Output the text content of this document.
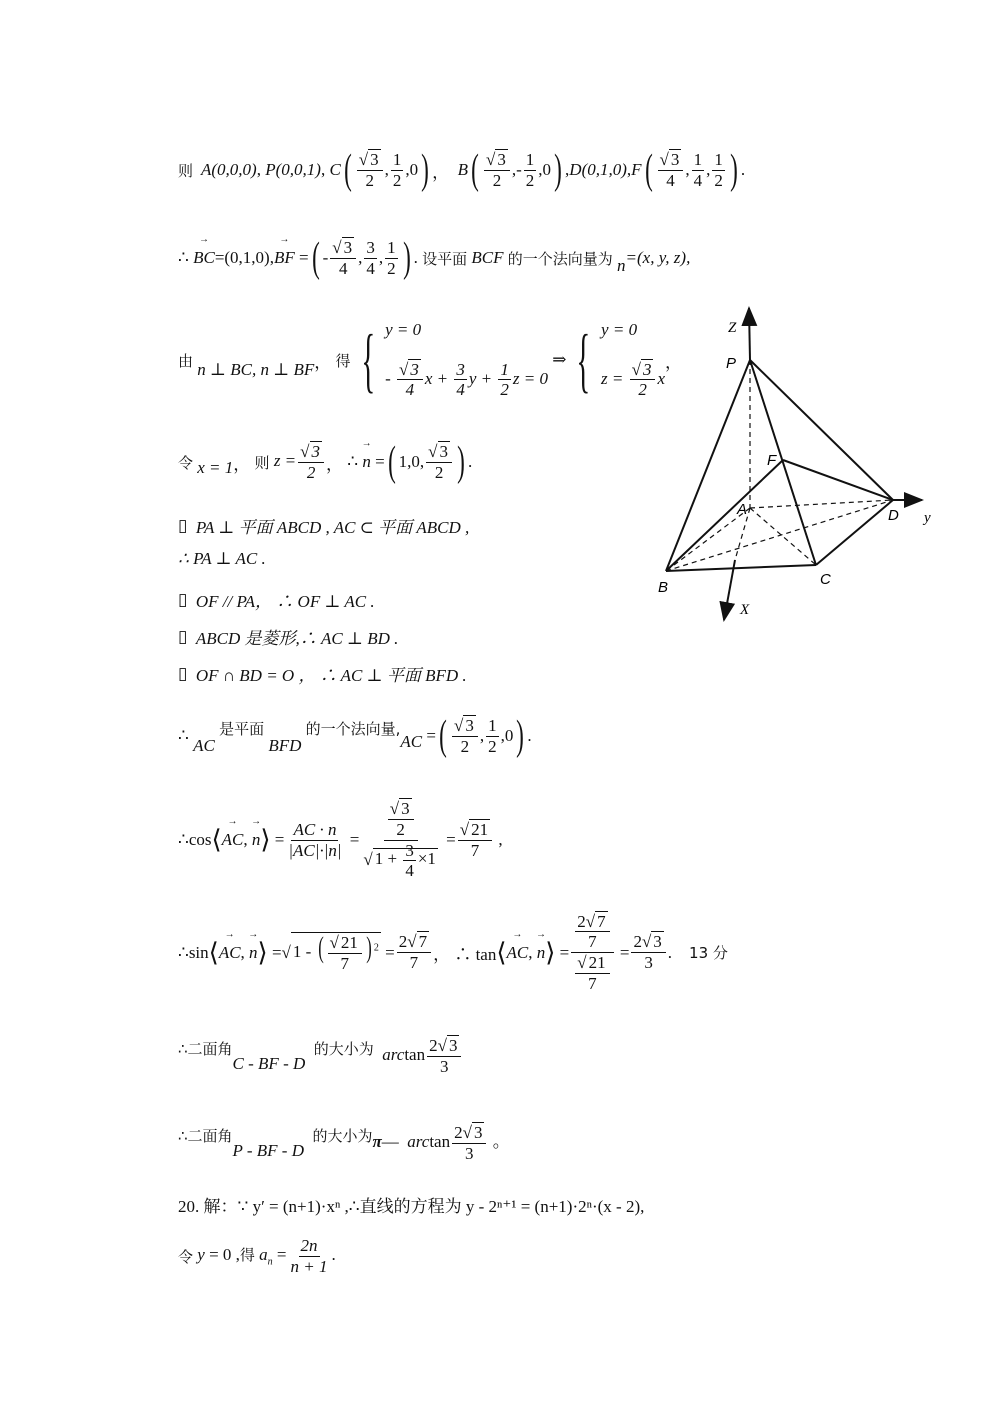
则 A(0,0,0) , P(0,0,1) , C ( $\frac{√ 3}{2}$ , $\frac{1}{2} ,0$ ) ， B ( $\frac{√ 3}{2}$ ,- $\frac{1}{2} ,0$ ) , D(0,1,0) , F ( $\frac{√ 3}{4}$ , $\frac{1}{4}$ , $\frac{1}{2}$ ) .
∴
→ BC =(0,1,0), → BF = ( - $\frac{√ 3}{4}$ , $\frac{3}{4}$ , $\frac{1}{2}$ ) . 设平面
BCF
的一个法向量为
n =(x, y, z),
由
n ⊥ BC, n ⊥ BF ， 得 { y = 0
- $\frac{√ 3}{4}$ $x + \frac{3}{4}$ $y + \frac{1}{2}$ z = 0

⇒ { y = 0
$z = \frac{√ 3}{2}$ x
，
令
x = 1 ， 则
$z = \frac{√ 3}{2}$ ， ∴
→ n = ( 1,0, $\frac{√ 3}{2}$ ) .
▯ PA ⊥ 平面 ABCD , AC ⊂ 平面 ABCD ,
∴ PA ⊥ AC .
▯ OF // PA， ∴ OF ⊥ AC .
▯ ABCD 是菱形,∴ AC ⊥ BD .
▯ OF ∩ BD = O ， ∴ AC ⊥ 平面 BFD .
∴

AC

是平面

BFD

的一个法向量,
AC = ( $\frac{√ 3}{2}$ , $\frac{1}{2} ,0$ ) .
∴cos ⟨ → AC , → n ⟩ = $\frac{AC \cdot n}{|AC|\cdot|n|} = \frac{\frac{√ 3}{2}}{√ 1 + \frac{3}{4} \times 1} = \frac{√ 21}{7}$ ,
∴sin ⟨ → AC , → n ⟩ =√ 1 - ( $\frac{√ 21}{7}$ ) $^2 = \frac{2√ 7}{7}$ ， ∴ tan ⟨ → AC , → n ⟩ = $\frac{\frac{2√ 7}{7}}{\frac{√ 21}{7}} = \frac{2√ 3}{3}$ . 13 分
∴二面角
C - BF - D

的大小为
$\arctan \frac{2√ 3}{3}$
∴二面角
P - BF - D

的大小为 π—  $\arctan \frac{2√ 3}{3}$ 。
20. 解： ∵ y′ = (n+1)·xⁿ ,∴直线的方程为 y - 2ⁿ⁺¹ = (n+1)·2ⁿ·(x - 2),
令
y = 0 ,得 $a_n = \frac{2n}{n + 1}$ .
Z
P
F
A	D y
B	C
X
